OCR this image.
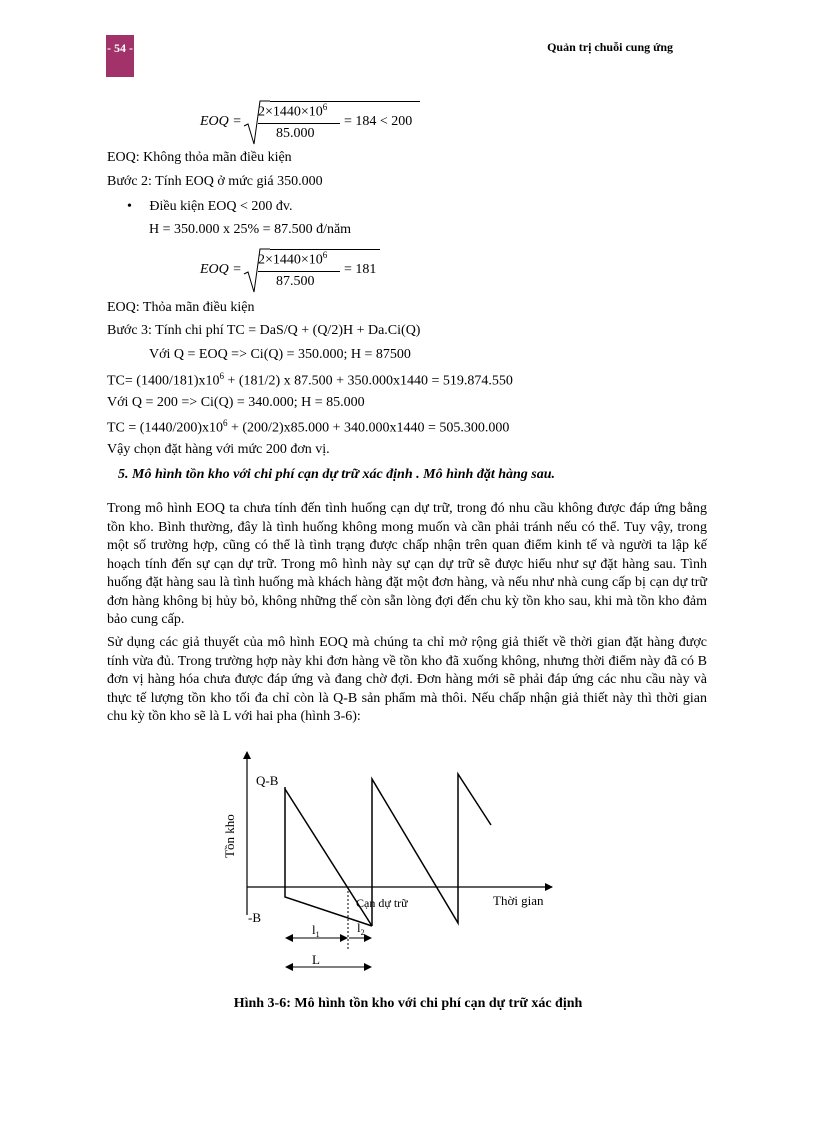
- 54 -	Quản trị chuỗi cung ứng
EOQ =
$2\times 1440\times 10^6$
85.000
= 184 < 200
EOQ: Không thỏa mãn điều kiện
Bước 2: Tính EOQ ở mức giá 350.000
• Điều kiện EOQ < 200 đv.
H = 350.000 x 25% = 87.500 đ/năm
EOQ =
$2\times 1440\times 10^6$
87.500
= 181
EOQ: Thỏa mãn điều kiện
Bước 3: Tính chi phí TC = DaS/Q + (Q/2)H + Da.Ci(Q)
Với Q = EOQ => Ci(Q) = 350.000; H = 87500
$TC= (1400/181)x10^6 + (181/2)$ x 87.500 + 350.000x1440 = 519.874.550
Với Q = 200 => Ci(Q) = 340.000; H = 85.000
TC = $(1440/200)x10^6 + (200/2)x85.000 + 340.000x1440 = 505.300.000$
Vậy chọn đặt hàng với mức 200 đơn vị.
5. Mô hình tồn kho với chi phí cạn dự trữ xác định . Mô hình đặt hàng sau.
Trong mô hình EOQ ta chưa tính đến tình huống cạn dự trữ, trong đó nhu cầu không được đáp ứng bằng tồn kho. Bình thường, đây là tình huống không mong muốn và cần phải tránh nếu có thể. Tuy vậy, trong một số trường hợp, cũng có thể là tình trạng được chấp nhận trên quan điểm kinh tế và người ta lập kế hoạch tính đến sự cạn dự trữ. Trong mô hình này sự cạn dự trữ sẽ được hiểu như sự đặt hàng sau. Tình huống đặt hàng sau là tình huống mà khách hàng đặt một đơn hàng, và nếu như nhà cung cấp bị cạn dự trữ đơn hàng không bị hủy bỏ, không những thế còn sẵn lòng đợi đến chu kỳ tồn kho sau, khi mà tồn kho đảm bảo cung cấp.
Sử dụng các giả thuyết của mô hình EOQ mà chúng ta chỉ mở rộng giả thiết về thời gian đặt hàng được tính vừa đủ. Trong trường hợp này khi đơn hàng về tồn kho đã xuống không, nhưng thời điểm này đã có B đơn vị hàng hóa chưa được đáp ứng và đang chờ đợi. Đơn hàng mới sẽ phải đáp ứng các nhu cầu này và thực tế lượng tồn kho tối đa chỉ còn là Q-B sản phẩm mà thôi. Nếu chấp nhận giả thiết này thì thời gian chu kỳ tồn kho sẽ là L với hai pha (hình 3-6):
Q-B
-B
Cạn dự trữ	Thời gian
Tồn kho
$l_1$	$l_2$
L
Hình 3-6: Mô hình tồn kho với chi phí cạn dự trữ xác định
